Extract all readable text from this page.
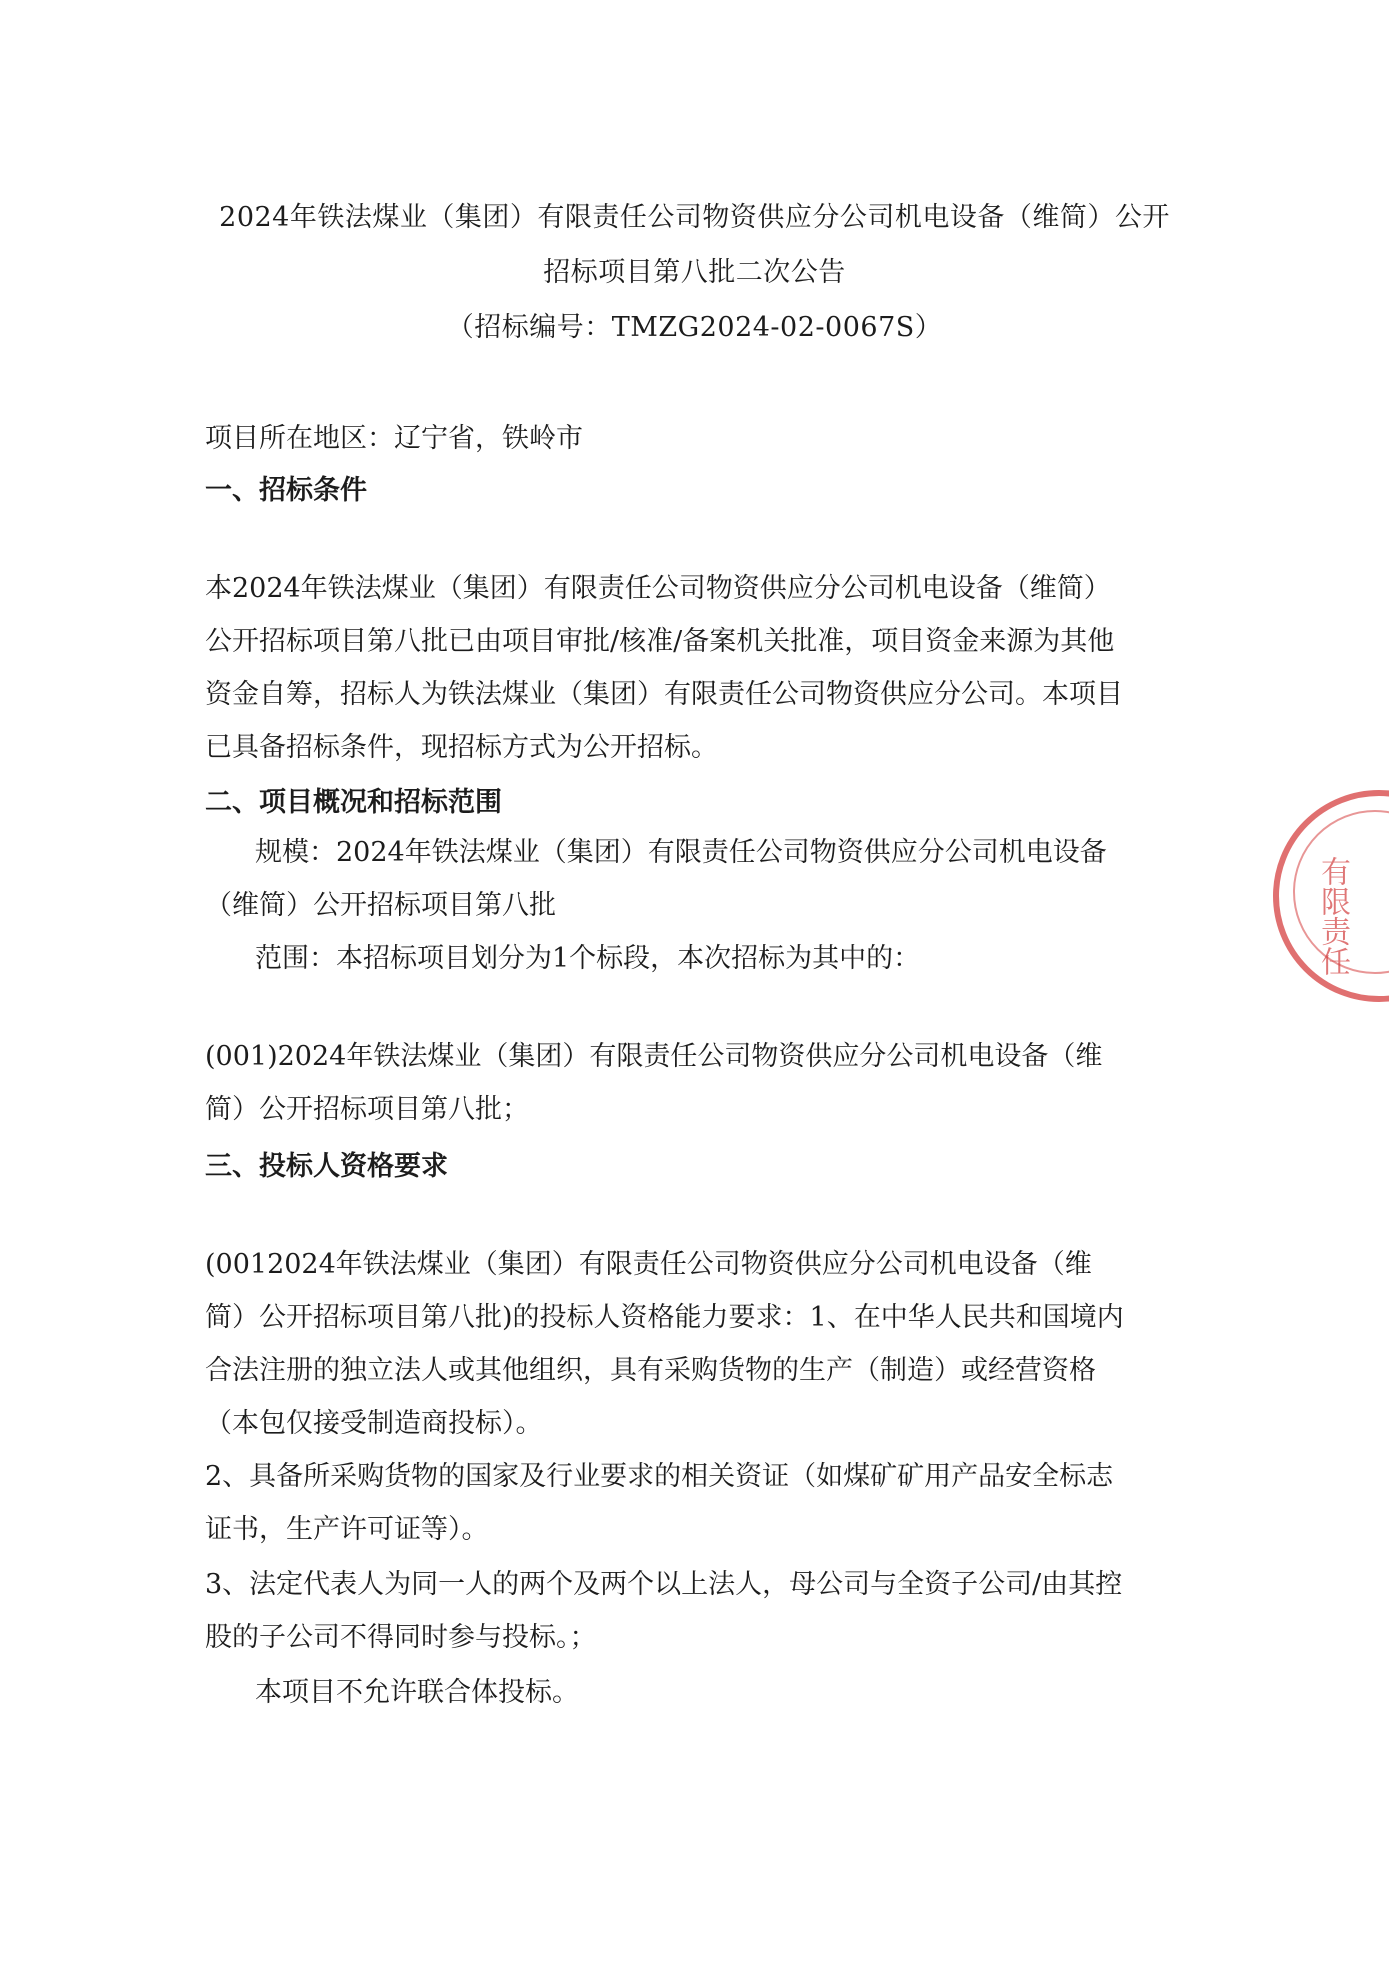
2024年铁法煤业（集团）有限责任公司物资供应分公司机电设备（维简）公开
招标项目第八批二次公告
（招标编号：TMZG2024-02-0067S）
项目所在地区：辽宁省，铁岭市
一、招标条件
本2024年铁法煤业（集团）有限责任公司物资供应分公司机电设备（维简）公开招标项目第八批已由项目审批/核准/备案机关批准，项目资金来源为其他资金自筹，招标人为铁法煤业（集团）有限责任公司物资供应分公司。本项目已具备招标条件，现招标方式为公开招标。
二、项目概况和招标范围
规模：2024年铁法煤业（集团）有限责任公司物资供应分公司机电设备（维简）公开招标项目第八批
范围：本招标项目划分为1个标段，本次招标为其中的：
(001)2024年铁法煤业（集团）有限责任公司物资供应分公司机电设备（维简）公开招标项目第八批；
三、投标人资格要求
(0012024年铁法煤业（集团）有限责任公司物资供应分公司机电设备（维简）公开招标项目第八批)的投标人资格能力要求：1、在中华人民共和国境内合法注册的独立法人或其他组织，具有采购货物的生产（制造）或经营资格（本包仅接受制造商投标）。
2、具备所采购货物的国家及行业要求的相关资证（如煤矿矿用产品安全标志证书，生产许可证等）。
3、法定代表人为同一人的两个及两个以上法人，母公司与全资子公司/由其控股的子公司不得同时参与投标。；
本项目不允许联合体投标。
有限责任
